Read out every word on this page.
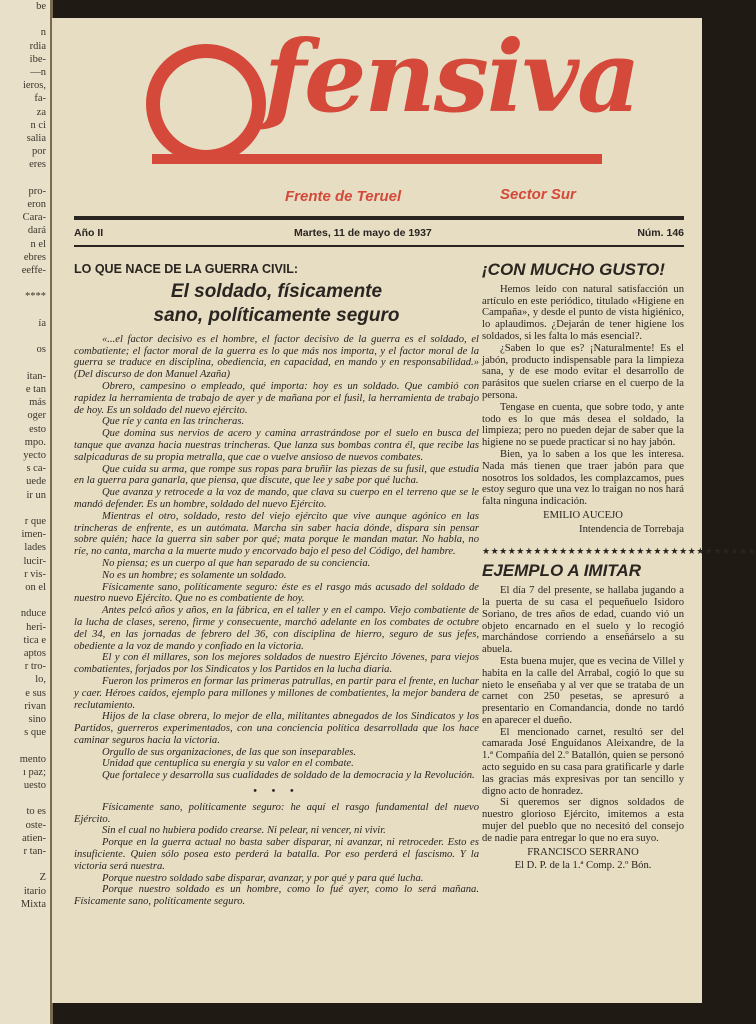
be

n
rdia
ibe-
—n
ieros,
fa-
za
n ci
salia
por
eres

pro-
eron
Cara-
dará
n el
ebres
eeffe-

****

ía

os

itan-
e tan
más
oger
esto
mpo.
yecto
s ca-
uede
ir un

r que
imen-
lades
lucir-
r vis-
on el

nduce
heri-
tica e
aptos
r tro-
lo,
e sus
rivan
sino
s que

mento
ı paz;
uesto

to es
oste-
atien-
r tan-

Z
itario
Mixta
fensiva
Frente de Teruel	Sector Sur
Año II	Martes, 11 de mayo de 1937	Núm. 146

LO QUE NACE DE LA GUERRA CIVIL:

El soldado, físicamente
sano, políticamente seguro

«...el factor decisivo es el hombre, el factor decisivo de la guerra es el soldado, el combatiente; el factor moral de la guerra es lo que más nos importa, y el factor moral de la guerra se traduce en disciplina, obediencia, en capacidad, en mando y en responsabilidad.» (Del discurso de don Manuel Azaña)

Obrero, campesino o empleado, qué importa: hoy es un soldado. Que cambió con rapidez la herramienta de trabajo de ayer y de mañana por el fusil, la herramienta de trabajo de hoy. Es un soldado del nuevo ejército.

Que ríe y canta en las trincheras.

Que domina sus nervios de acero y camina arrastrándose por el suelo en busca del tanque que avanza hacia nuestras trincheras. Que lanza sus bombas contra él, que recibe las salpicaduras de su propia metralla, que cae o vuelve ansioso de nuevos combates.

Que cuida su arma, que rompe sus ropas para bruñir las piezas de su fusil, que estudia en la guerra para ganarla, que piensa, que discute, que lee y sabe por qué lucha.

Que avanza y retrocede a la voz de mando, que clava su cuerpo en el terreno que se le mandó defender. Es un hombre, soldado del nuevo Ejército.

Mientras el otro, soldado, resto del viejo ejército que vive aunque agónico en las trincheras de enfrente, es un autómata. Marcha sin saber hacia dónde, dispara sin pensar sobre quién; hace la guerra sin saber por qué; mata porque le mandan matar. No habla, no ríe, no canta, marcha a la muerte mudo y encorvado bajo el peso del Código, del hambre.

No piensa; es un cuerpo al que han separado de su conciencia.

No es un hombre; es solamente un soldado.

Físicamente sano, políticamente seguro: éste es el rasgo más acusado del soldado de nuestro nuevo Ejército. Que no es combatiente de hoy.

Antes pelcó años y años, en la fábrica, en el taller y en el campo. Viejo combatiente de la lucha de clases, sereno, firme y consecuente, marchó adelante en los combates de octubre del 34, en las jornadas de febrero del 36, con disciplina de hierro, seguro de sus jefes, obediente a la voz de mando y confiado en la victoria.

El y con él millares, son los mejores soldados de nuestro Ejército Jóvenes, para viejos combatientes, forjados por los Sindicatos y los Partidos en la lucha diaria.

Fueron los primeros en formar las primeras patrullas, en partir para el frente, en luchar y caer. Héroes caídos, ejemplo para millones y millones de combatientes, la mejor bandera de reclutamiento.

Hijos de la clase obrera, lo mejor de ella, militantes abnegados de los Sindicatos y los Partidos, guerreros experimentados, con una conciencia política desarrollada que los hace caminar seguros hacia la victoria.

Orgullo de sus organizaciones, de las que son inseparables.

Unidad que centuplica su energía y su valor en el combate.

Que fortalece y desarrolla sus cualidades de soldado de la democracia y la Revolución.

• • •

Físicamente sano, políticamente seguro: he aquí el rasgo fundamental del nuevo Ejército.

Sin el cual no hubiera podido crearse. Ni pelear, ni vencer, ni vivir.

Porque en la guerra actual no basta saber disparar, ni avanzar, ni retroceder. Esto es insuficiente. Quien sólo posea esto perderá la batalla. Por eso perderá el fascismo. Y la victoria será nuestra.

Porque nuestro soldado sabe disparar, avanzar, y por qué y para qué lucha.

Porque nuestro soldado es un hombre, como lo fué ayer, como lo será mañana. Físicamente sano, políticamente seguro.

¡CON MUCHO GUSTO!

Hemos leído con natural satisfacción un artículo en este periódico, titulado «Higiene en Campaña», y desde el punto de vista higiénico, lo aplaudimos. ¿Dejarán de tener higiene los soldados, si les falta lo más esencial?.

¿Saben lo que es? ¡Naturalmente! Es el jabón, producto indispensable para la limpieza sana, y de ese modo evitar el desarrollo de parásitos que suelen criarse en el cuerpo de la persona.

Tengase en cuenta, que sobre todo, y ante todo es lo que más desea el soldado, la limpieza; pero no pueden dejar de saber que la higiene no se puede practicar si no hay jabón.

Bien, ya lo saben a los que les interesa. Nada más tienen que traer jabón para que nosotros los soldados, les complazcamos, pues estoy seguro que una vez lo traigan no nos hará falta ninguna indicación.

EMILIO AUCEJO

Intendencia de Torrebaja

★★★★★★★★★★★★★★★★★★★★★★★★★★★★★★★★

EJEMPLO A IMITAR

El día 7 del presente, se hallaba jugando a la puerta de su casa el pequeñuelo Isidoro Soriano, de tres años de edad, cuando vió un objeto encarnado en el suelo y lo recogió marchándose corriendo a enseñárselo a su abuela.

Esta buena mujer, que es vecina de Villel y habita en la calle del Arrabal, cogió lo que su nieto le enseñaba y al ver que se trataba de un carnet con 250 pesetas, se apresuró a presentario en Comandancia, donde no tardó en aparecer el dueño.

El mencionado carnet, resultó ser del camarada José Enguídanos Aleixandre, de la 1.ª Compañía del 2.º Batallón, quien se personó acto seguido en su casa para gratificarle y darle las gracias más expresivas por tan sencillo y digno acto de honradez.

Si queremos ser dignos soldados de nuestro glorioso Ejército, imitemos a esta mujer del pueblo que no necesitó del consejo de nadie para entregar lo que no era suyo.

FRANCISCO SERRANO

El D. P. de la 1.ª Comp. 2.º Bón.
